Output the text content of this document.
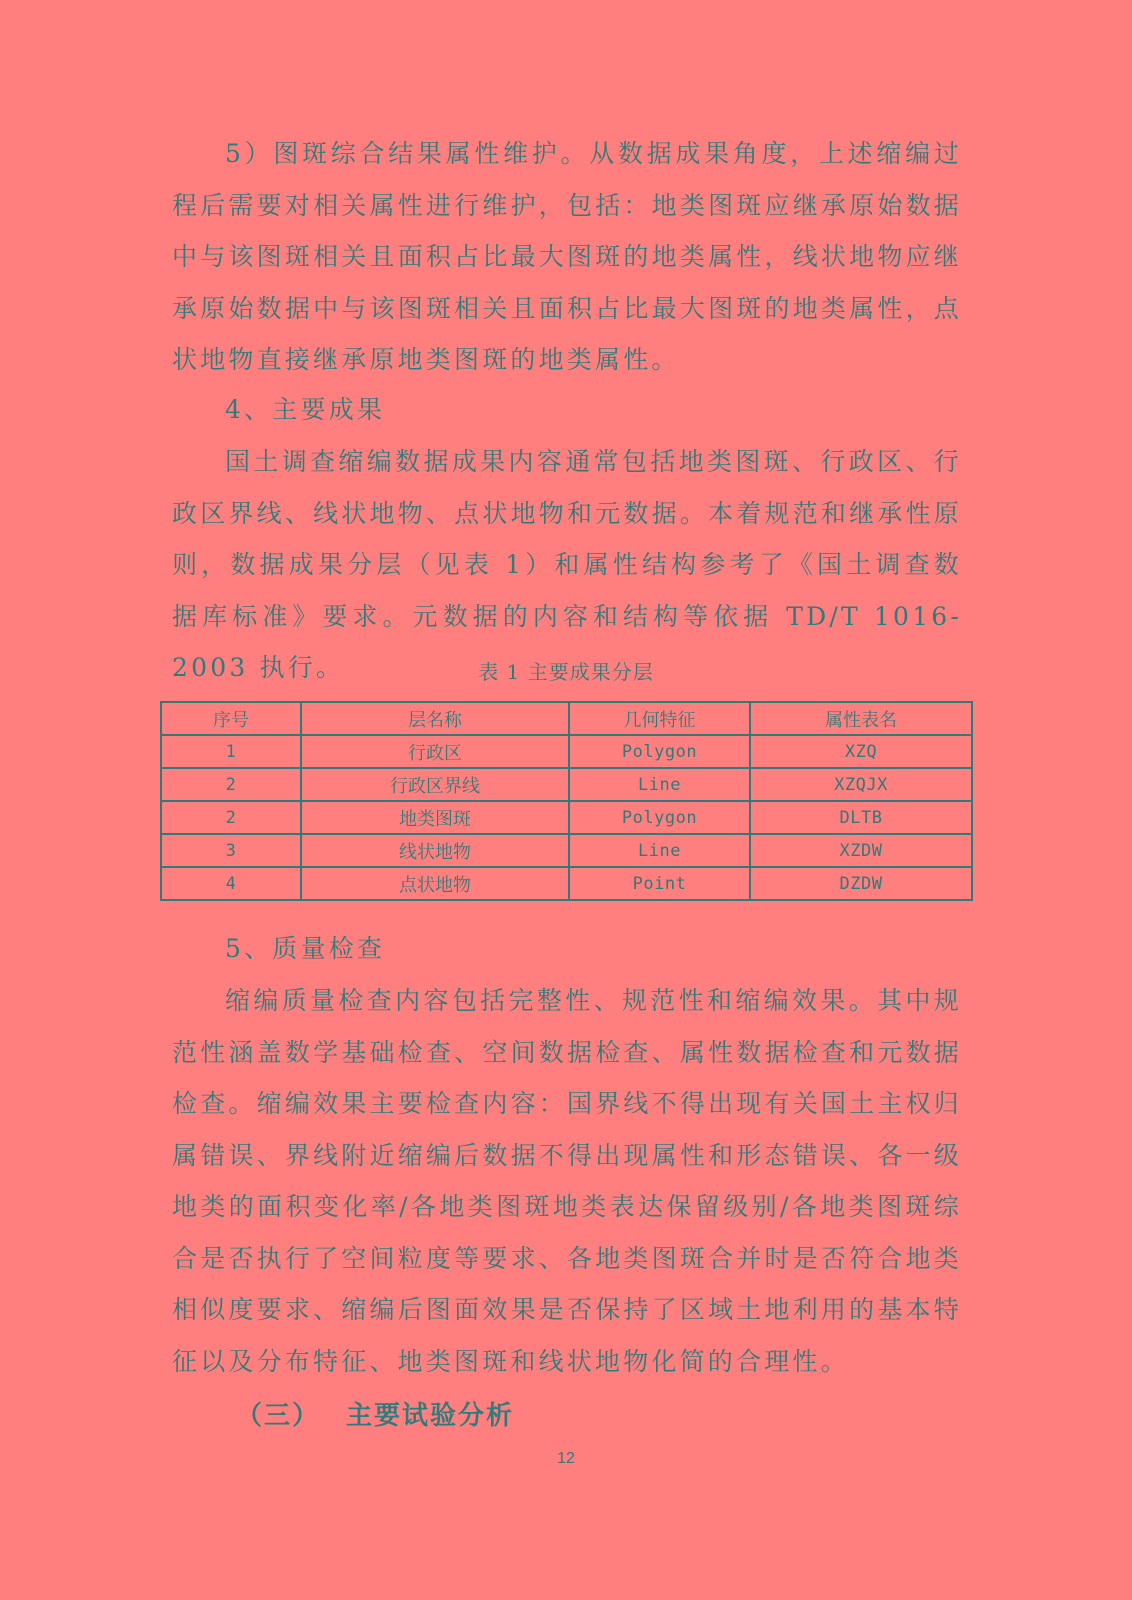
5）图斑综合结果属性维护。从数据成果角度，上述缩编过程后需要对相关属性进行维护，包括：地类图斑应继承原始数据中与该图斑相关且面积占比最大图斑的地类属性，线状地物应继承原始数据中与该图斑相关且面积占比最大图斑的地类属性，点状地物直接继承原地类图斑的地类属性。

4、主要成果

国土调查缩编数据成果内容通常包括地类图斑、行政区、行政区界线、线状地物、点状地物和元数据。本着规范和继承性原则，数据成果分层（见表 1）和属性结构参考了《国土调查数据库标准》要求。元数据的内容和结构等依据 TD/T 1016-2003 执行。	表 1 主要成果分层
序号	层名称	几何特征	属性表名
1	行政区	Polygon	XZQ
2	行政区界线	Line	XZQJX
2	地类图斑	Polygon	DLTB
3	线状地物	Line	XZDW
4	点状地物	Point	DZDW

5、质量检查

缩编质量检查内容包括完整性、规范性和缩编效果。其中规范性涵盖数学基础检查、空间数据检查、属性数据检查和元数据检查。缩编效果主要检查内容：国界线不得出现有关国土主权归属错误、界线附近缩编后数据不得出现属性和形态错误、各一级地类的面积变化率/各地类图斑地类表达保留级别/各地类图斑综合是否执行了空间粒度等要求、各地类图斑合并时是否符合地类相似度要求、缩编后图面效果是否保持了区域土地利用的基本特征以及分布特征、地类图斑和线状地物化简的合理性。

（三） 主要试验分析
12
